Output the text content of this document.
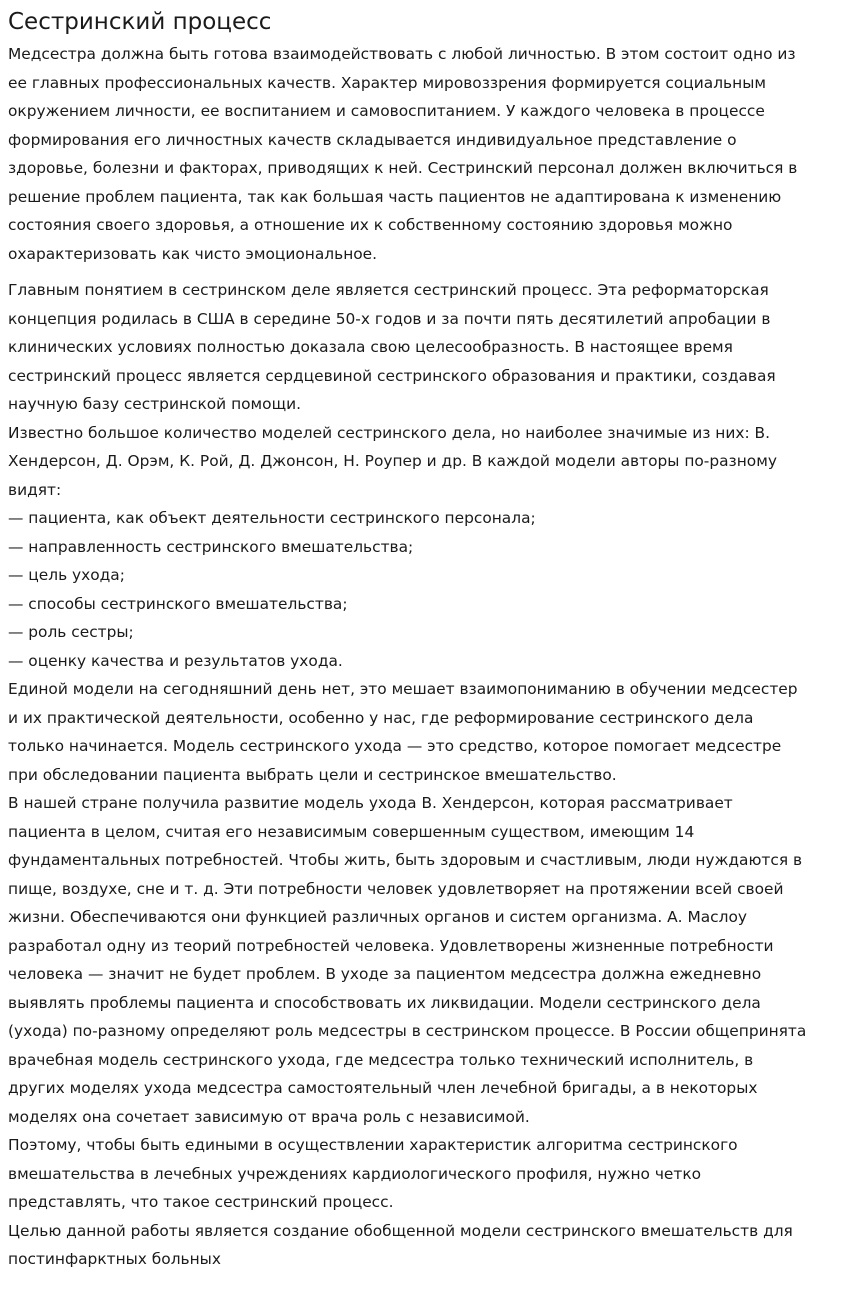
Сестринский процесс

Медсестра должна быть готова взаимодействовать с любой личностью. В этом состоит одно из
ее главных профессиональных качеств. Характер мировоззрения формируется социальным
окружением личности, ее воспитанием и самовоспитанием. У каждого человека в процессе
формирования его личностных качеств складывается индивидуальное представление о
здоровье, болезни и факторах, приводящих к ней. Сестринский персонал должен включиться в
решение проблем пациента, так как большая часть пациентов не адаптирована к изменению
состояния своего здоровья, а отношение их к собственному состоянию здоровья можно
охарактеризовать как чисто эмоциональное.

Главным понятием в сестринском деле является сестринский процесс. Эта реформаторская
концепция родилась в США в середине 50-х годов и за почти пять десятилетий апробации в
клинических условиях полностью доказала свою целесообразность. В настоящее время
сестринский процесс является сердцевиной сестринского образования и практики, создавая
научную базу сестринской помощи.
Известно большое количество моделей сестринского дела, но наиболее значимые из них: В.
Хендерсон, Д. Орэм, К. Рой, Д. Джонсон, Н. Роупер и др. В каждой модели авторы по-разному
видят:
— пациента, как объект деятельности сестринского персонала;
— направленность сестринского вмешательства;
— цель ухода;
— способы сестринского вмешательства;
— роль сестры;
— оценку качества и результатов ухода.
Единой модели на сегодняшний день нет, это мешает взаимопониманию в обучении медсестер
и их практической деятельности, особенно у нас, где реформирование сестринского дела
только начинается. Модель сестринского ухода — это средство, которое помогает медсестре
при обследовании пациента выбрать цели и сестринское вмешательство.
В нашей стране получила развитие модель ухода В. Хендерсон, которая рассматривает
пациента в целом, считая его независимым совершенным существом, имеющим 14
фундаментальных потребностей. Чтобы жить, быть здоровым и счастливым, люди нуждаются в
пище, воздухе, сне и т. д. Эти потребности человек удовлетворяет на протяжении всей своей
жизни. Обеспечиваются они функцией различных органов и систем организма. А. Маслоу
разработал одну из теорий потребностей человека. Удовлетворены жизненные потребности
человека — значит не будет проблем. В уходе за пациентом медсестра должна ежедневно
выявлять проблемы пациента и способствовать их ликвидации. Модели сестринского дела
(ухода) по-разному определяют роль медсестры в сестринском процессе. В России общепринята
врачебная модель сестринского ухода, где медсестра только технический исполнитель, в
других моделях ухода медсестра самостоятельный член лечебной бригады, а в некоторых
моделях она сочетает зависимую от врача роль с независимой.
Поэтому, чтобы быть едиными в осуществлении характеристик алгоритма сестринского
вмешательства в лечебных учреждениях кардиологического профиля, нужно четко
представлять, что такое сестринский процесс.
Целью данной работы является создание обобщенной модели сестринского вмешательств для
постинфарктных больных
